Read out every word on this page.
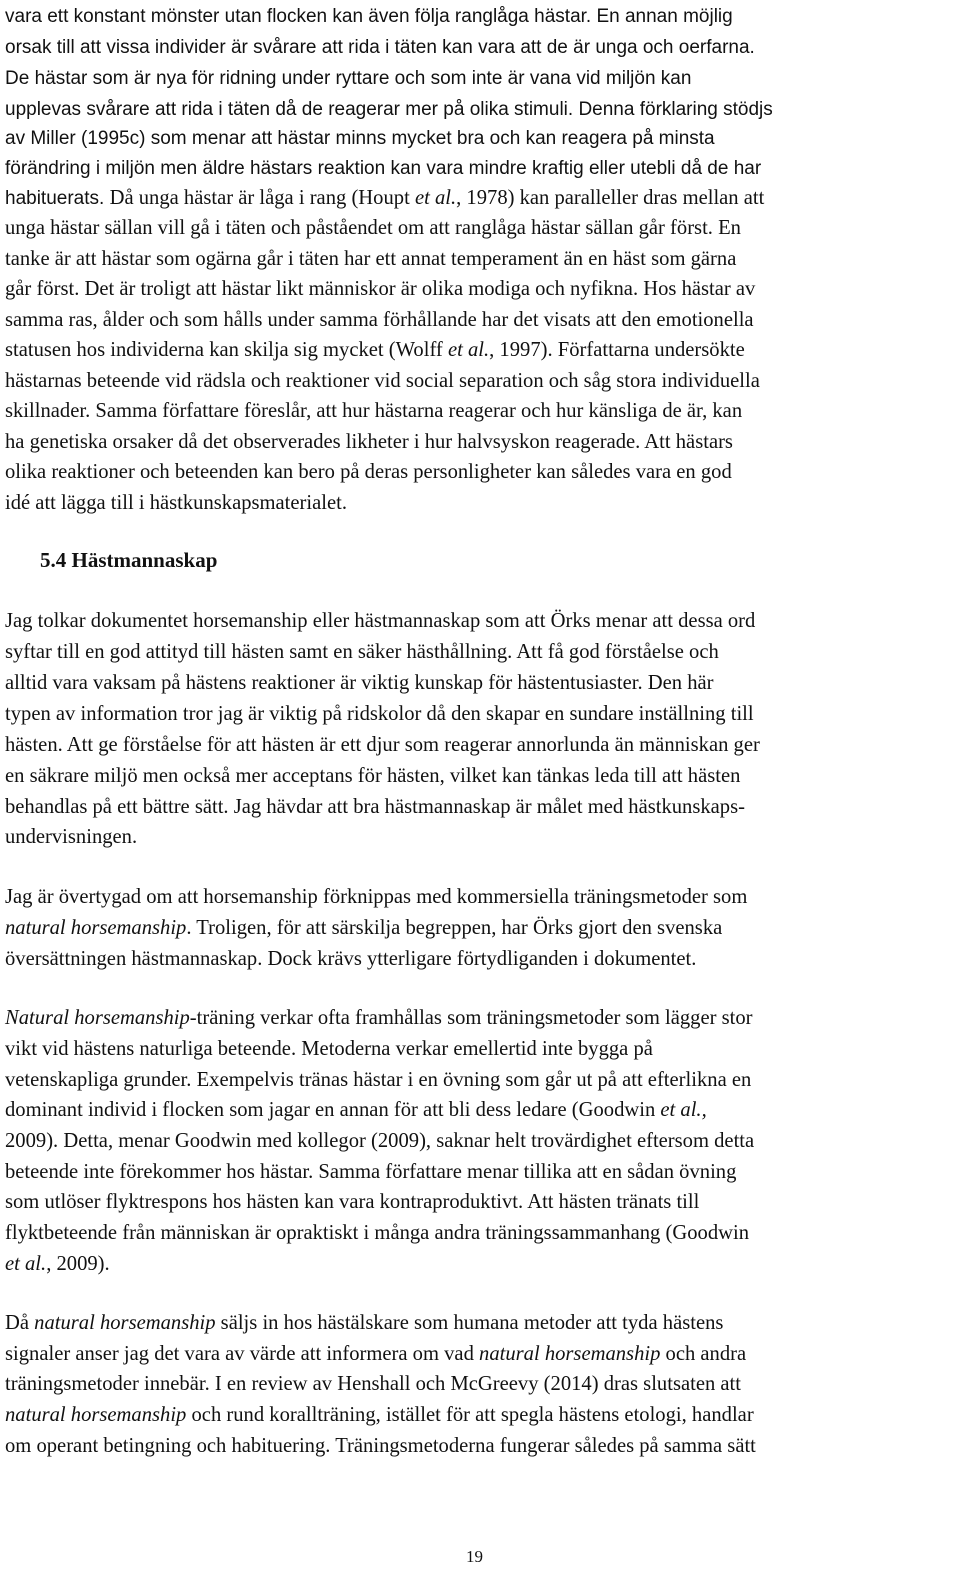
vara ett konstant mönster utan flocken kan även följa ranglåga hästar. En annan möjlig
orsak till att vissa individer är svårare att rida i täten kan vara att de är unga och oerfarna.
De hästar som är nya för ridning under ryttare och som inte är vana vid miljön kan
upplevas svårare att rida i täten då de reagerar mer på olika stimuli. Denna förklaring stödjs
av Miller (1995c) som menar att hästar minns mycket bra och kan reagera på minsta
förändring i miljön men äldre hästars reaktion kan vara mindre kraftig eller utebli då de har
habituerats. Då unga hästar är låga i rang (Houpt et al., 1978) kan paralleller dras mellan att
unga hästar sällan vill gå i täten och påståendet om att ranglåga hästar sällan går först. En
tanke är att hästar som ogärna går i täten har ett annat temperament än en häst som gärna
går först. Det är troligt att hästar likt människor är olika modiga och nyfikna. Hos hästar av
samma ras, ålder och som hålls under samma förhållande har det visats att den emotionella
statusen hos individerna kan skilja sig mycket (Wolff et al., 1997). Författarna undersökte
hästarnas beteende vid rädsla och reaktioner vid social separation och såg stora individuella
skillnader. Samma författare föreslår, att hur hästarna reagerar och hur känsliga de är, kan
ha genetiska orsaker då det observerades likheter i hur halvsyskon reagerade. Att hästars
olika reaktioner och beteenden kan bero på deras personligheter kan således vara en god
idé att lägga till i hästkunskapsmaterialet.
5.4 Hästmannaskap
Jag tolkar dokumentet horsemanship eller hästmannaskap som att Örks menar att dessa ord
syftar till en god attityd till hästen samt en säker hästhållning. Att få god förståelse och
alltid vara vaksam på hästens reaktioner är viktig kunskap för hästentusiaster. Den här
typen av information tror jag är viktig på ridskolor då den skapar en sundare inställning till
hästen. Att ge förståelse för att hästen är ett djur som reagerar annorlunda än människan ger
en säkrare miljö men också mer acceptans för hästen, vilket kan tänkas leda till att hästen
behandlas på ett bättre sätt. Jag hävdar att bra hästmannaskap är målet med hästkunskaps-
undervisningen.
Jag är övertygad om att horsemanship förknippas med kommersiella träningsmetoder som
natural horsemanship. Troligen, för att särskilja begreppen, har Örks gjort den svenska
översättningen hästmannaskap. Dock krävs ytterligare förtydliganden i dokumentet.
Natural horsemanship-träning verkar ofta framhållas som träningsmetoder som lägger stor
vikt vid hästens naturliga beteende. Metoderna verkar emellertid inte bygga på
vetenskapliga grunder. Exempelvis tränas hästar i en övning som går ut på att efterlikna en
dominant individ i flocken som jagar en annan för att bli dess ledare (Goodwin et al.,
2009). Detta, menar Goodwin med kollegor (2009), saknar helt trovärdighet eftersom detta
beteende inte förekommer hos hästar. Samma författare menar tillika att en sådan övning
som utlöser flyktrespons hos hästen kan vara kontraproduktivt. Att hästen tränats till
flyktbeteende från människan är opraktiskt i många andra träningssammanhang (Goodwin
et al., 2009).
Då natural horsemanship säljs in hos hästälskare som humana metoder att tyda hästens
signaler anser jag det vara av värde att informera om vad natural horsemanship och andra
träningsmetoder innebär. I en review av Henshall och McGreevy (2014) dras slutsaten att
natural horsemanship och rund korallträning, istället för att spegla hästens etologi, handlar
om operant betingning och habituering. Träningsmetoderna fungerar således på samma sätt
19
